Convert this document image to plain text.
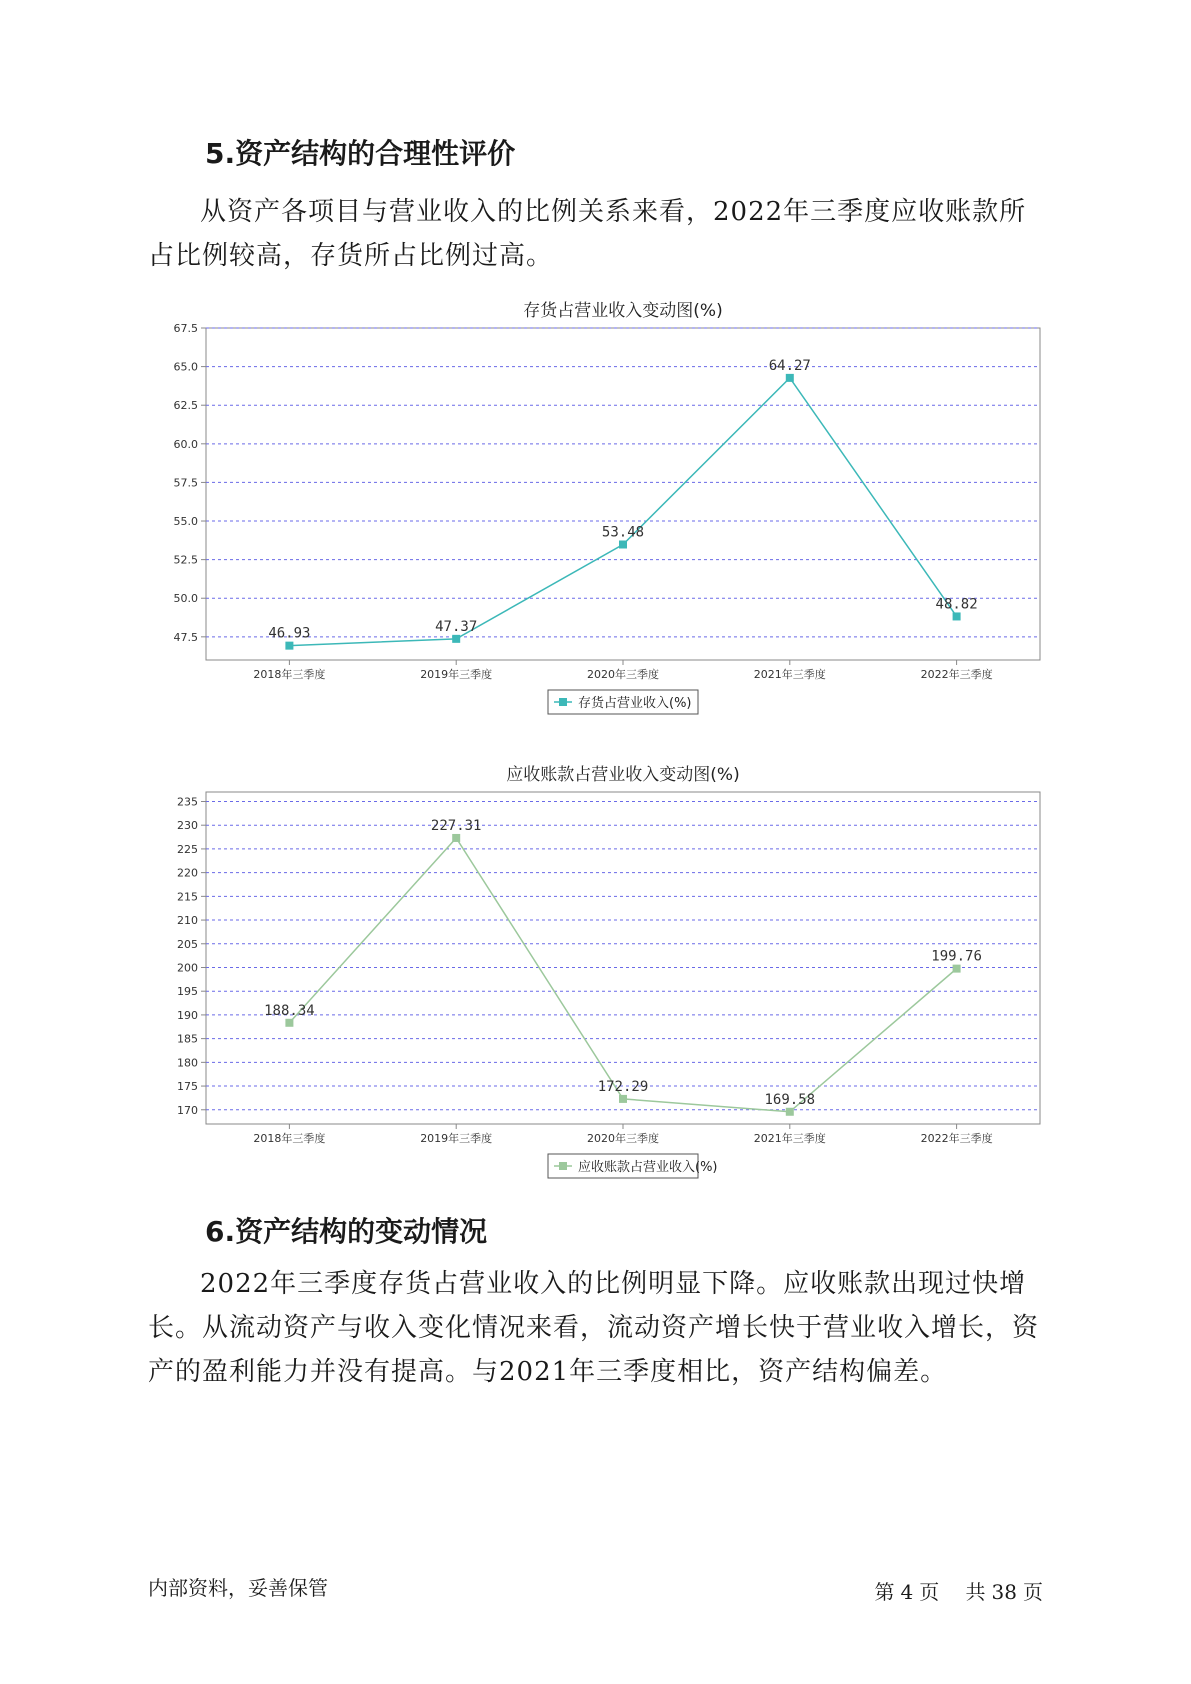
5.资产结构的合理性评价
从资产各项目与营业收入的比例关系来看，2022年三季度应收账款所占比例较高，存货所占比例过高。
存货占营业收入变动图(%)
47.5
50.0
52.5
55.0
57.5
60.0
62.5
65.0
67.5
2018年三季度	2019年三季度	2020年三季度	2021年三季度	2022年三季度
46.93	47.37
53.48
64.27
48.82
存货占营业收入(%)
应收账款占营业收入变动图(%)
170
175
180
185
190
195
200
205
210
215
220
225
230
235
2018年三季度	2019年三季度	2020年三季度	2021年三季度	2022年三季度
188.34
227.31
172.29
169.58
199.76
应收账款占营业收入(%)
6.资产结构的变动情况
2022年三季度存货占营业收入的比例明显下降。应收账款出现过快增长。从流动资产与收入变化情况来看，流动资产增长快于营业收入增长，资产的盈利能力并没有提高。与2021年三季度相比，资产结构偏差。
内部资料，妥善保管	第 4 页 共 38 页
